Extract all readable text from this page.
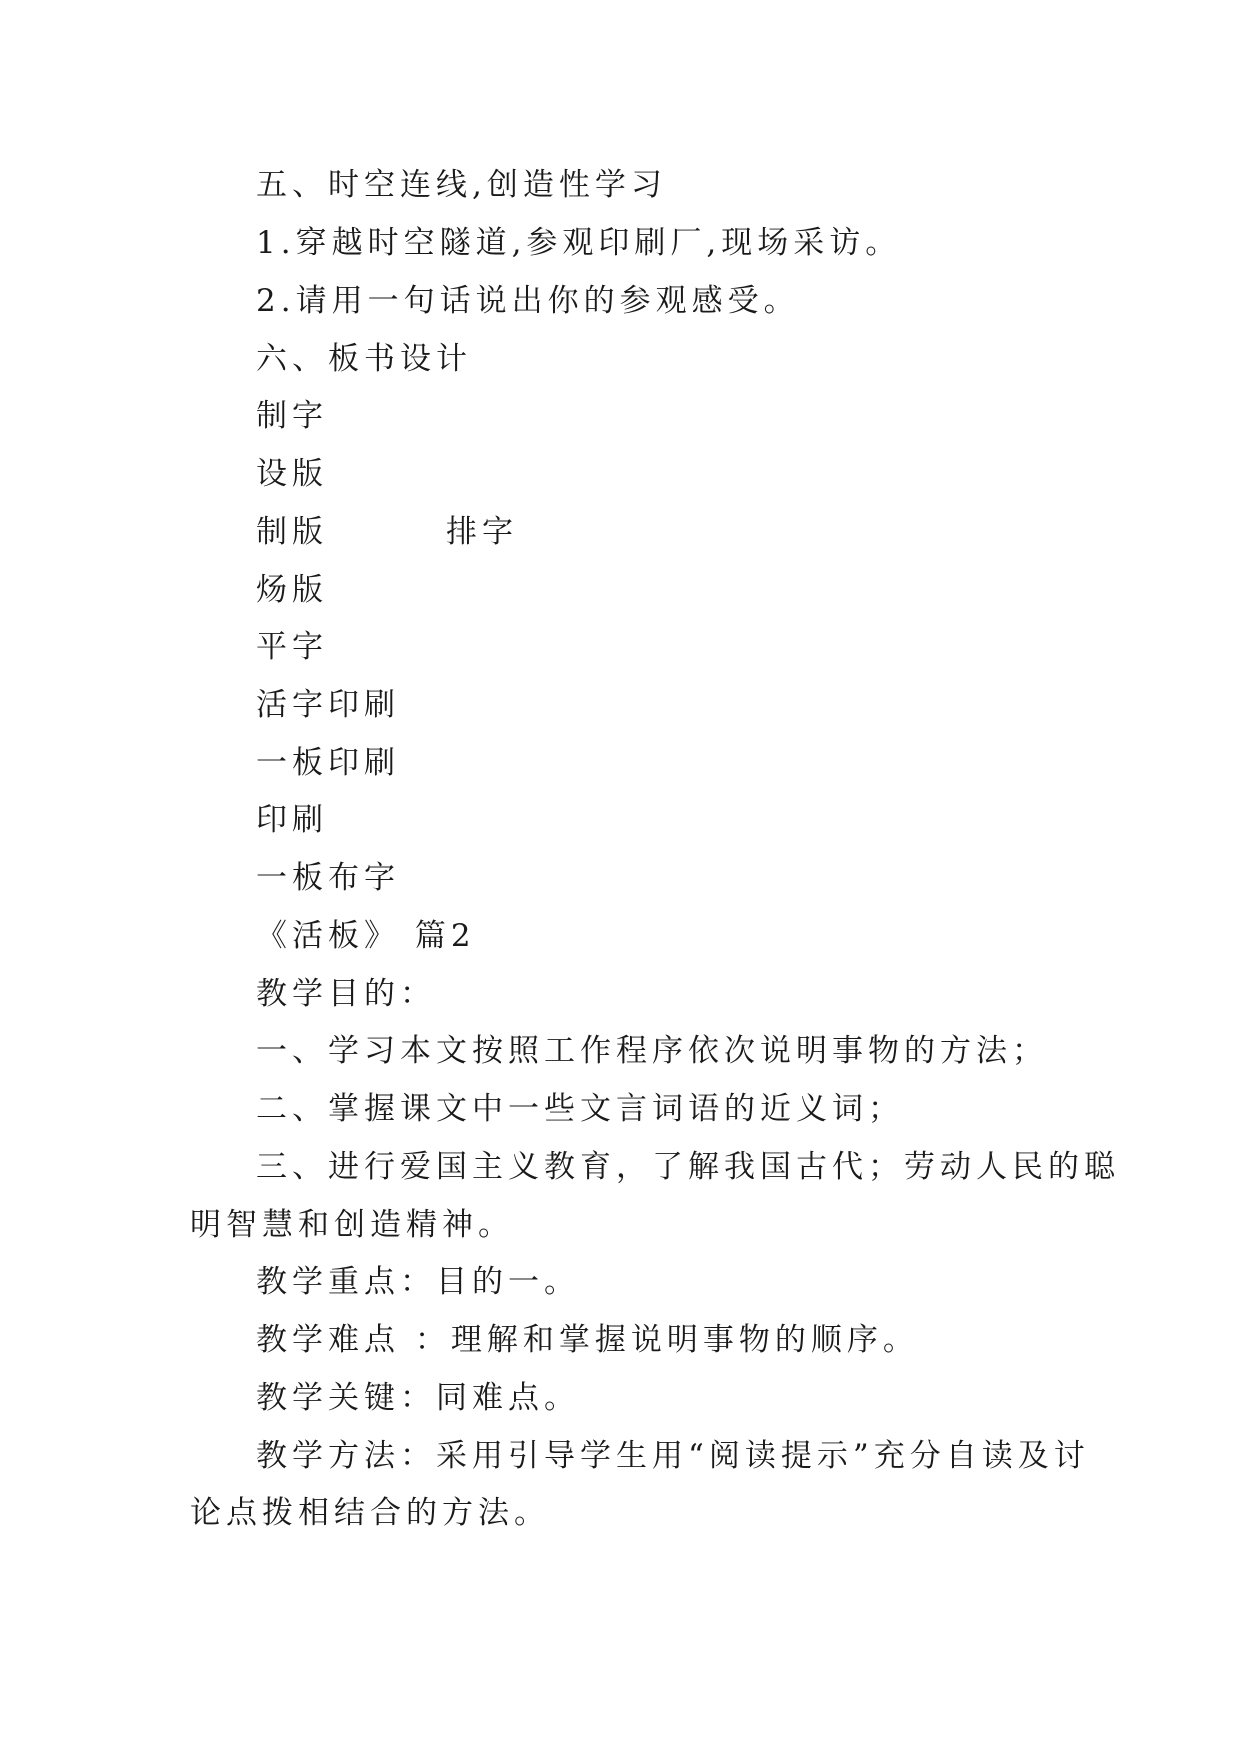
五、时空连线,创造性学习
1.穿越时空隧道,参观印刷厂,现场采访。
2.请用一句话说出你的参观感受。
六、板书设计
制字
设版
制版	排字
炀版
平字
活字印刷
一板印刷
印刷
一板布字
《活板》 篇2
教学目的：
一、学习本文按照工作程序依次说明事物的方法；
二、掌握课文中一些文言词语的近义词；
三、进行爱国主义教育，了解我国古代；劳动人民的聪
明智慧和创造精神。
教学重点：目的一。
教学难点 ：理解和掌握说明事物的顺序。
教学关键：同难点。
教学方法：采用引导学生用“阅读提示”充分自读及讨
论点拨相结合的方法。
